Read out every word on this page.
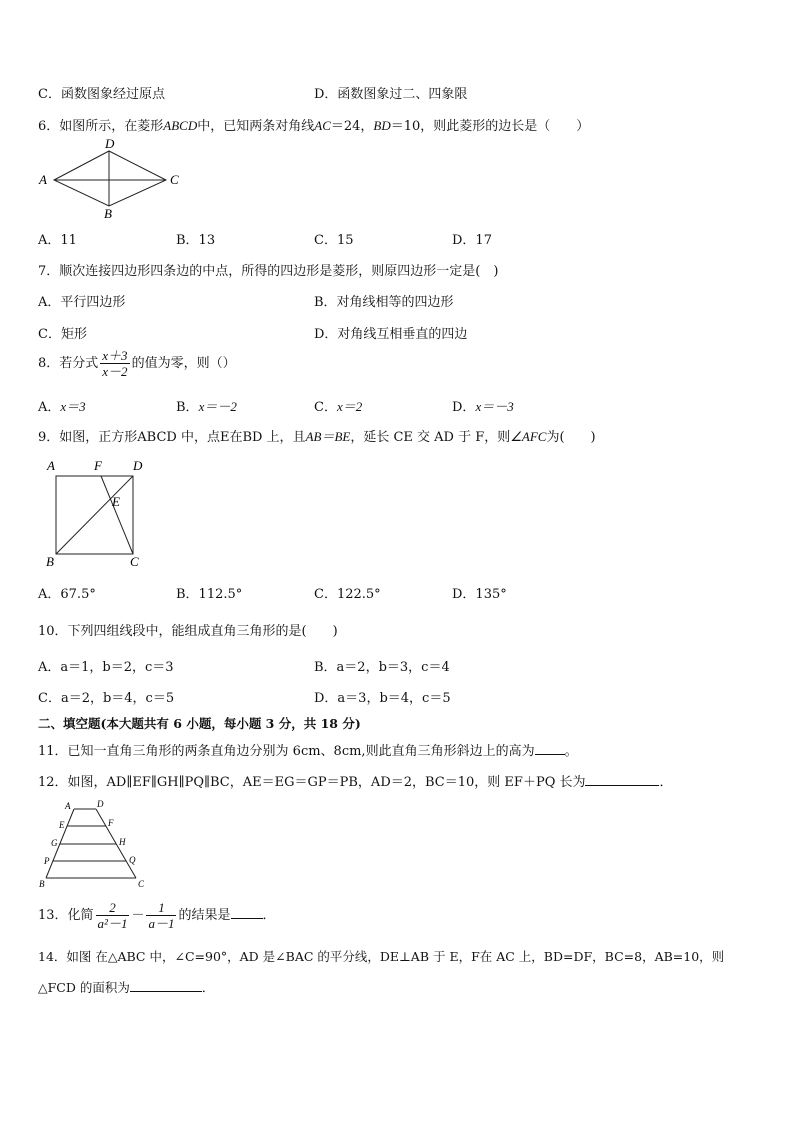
C．函数图象经过原点	D．函数图象过二、四象限
6．如图所示，在菱形ABCD中，已知两条对角线AC＝24，BD＝10，则此菱形的边长是（　　）
A
D
C
B
A．11	B．13	C．15	D．17
7．顺次连接四边形四条边的中点，所得的四边形是菱形，则原四边形一定是(　)
A．平行四边形	B．对角线相等的四边形
C．矩形	D．对角线互相垂直的四边
8．若分式 $\frac{x+3}{x-2}$ 的值为零，则（）
A．x＝3	B．x＝－2	C．x＝2	D．x＝－3
9．如图，正方形ABCD 中，点E在BD 上，且AB＝BE，延长 CE 交 AD 于 F，则∠AFC为(　　)
A	F D
E
B	C
A．67.5°	B．112.5°	C．122.5°	D．135°
10．下列四组线段中，能组成直角三角形的是(　　)
A．a＝1，b＝2，c＝3	B．a＝2，b＝3，c＝4
C．a＝2，b＝4，c＝5	D．a＝3，b＝4，c＝5
二、填空题(本大题共有 6 小题，每小题 3 分，共 18 分)
11．已知一直角三角形的两条直角边分别为 6cm、8cm,则此直角三角形斜边上的高为 。
12．如图，AD∥EF∥GH∥PQ∥BC，AE＝EG＝GP＝PB，AD＝2，BC＝10，则 EF＋PQ 长为	．
A	D
E	F
G	H
P	Q
B	C
13．化简 $\frac{2}{\text{a²－1}} - \frac{1}{a-1}$ 的结果是 ．
14．如图 在△ABC 中，∠C=90°，AD 是∠BAC 的平分线，DE⊥AB 于 E，F在 AC 上，BD=DF，BC=8，AB=10，则
△FCD 的面积为	．
